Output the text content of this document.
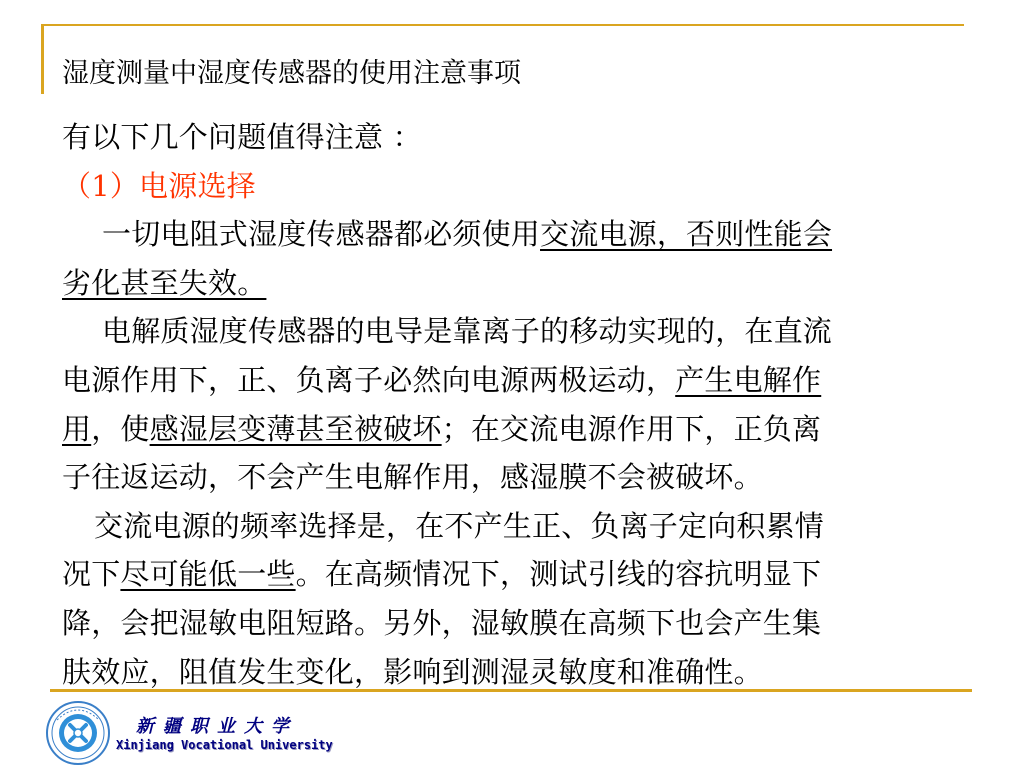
湿度测量中湿度传感器的使用注意事项
有以下几个问题值得注意 ：
（1）电源选择
一切电阻式湿度传感器都必须使用交流电源，否则性能会
劣化甚至失效。
电解质湿度传感器的电导是靠离子的移动实现的，在直流
电源作用下，正、负离子必然向电源两极运动，产生电解作
用，使感湿层变薄甚至被破坏；在交流电源作用下，正负离
子往返运动，不会产生电解作用，感湿膜不会被破坏。
交流电源的频率选择是，在不产生正、负离子定向积累情
况下尽可能低一些。在高频情况下，测试引线的容抗明显下
降，会把湿敏电阻短路。另外，湿敏膜在高频下也会产生集
肤效应，阻值发生变化，影响到测湿灵敏度和准确性。
新疆职业大学
Xinjiang Vocational University
